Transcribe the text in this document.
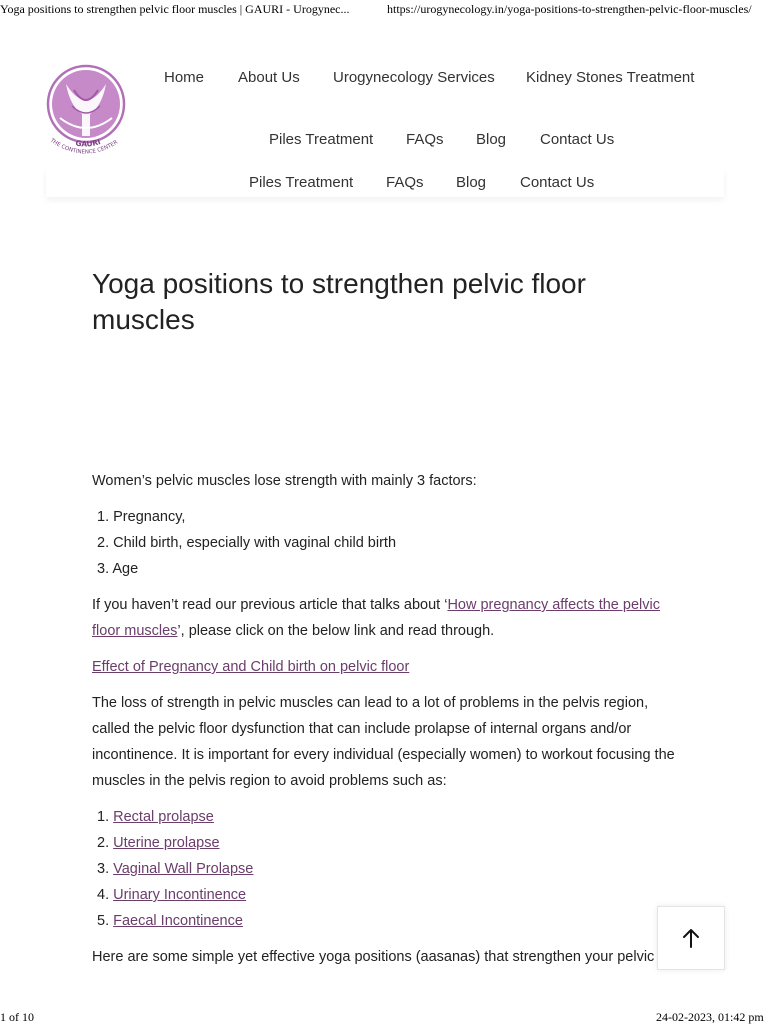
Yoga positions to strengthen pelvic floor muscles | GAURI - Urogynec...	https://urogynecology.in/yoga-positions-to-strengthen-pelvic-floor-muscles/
GAURI
THE CONTINENCE CENTER
Home About Us Urogynecology Services Kidney Stones Treatment
Piles Treatment FAQs Blog Contact Us
Piles Treatment FAQs Blog Contact Us
Yoga positions to strengthen pelvic floor muscles

Women’s pelvic muscles lose strength with mainly 3 factors:

1. Pregnancy,
2. Child birth, especially with vaginal child birth
3. Age

If you haven’t read our previous article that talks about ‘How pregnancy affects the pelvic floor muscles’, please click on the below link and read through.

Effect of Pregnancy and Child birth on pelvic floor

The loss of strength in pelvic muscles can lead to a lot of problems in the pelvis region, called the pelvic floor dysfunction that can include prolapse of internal organs and/or incontinence. It is important for every individual (especially women) to workout focusing the muscles in the pelvis region to avoid problems such as:

1. Rectal prolapse
2. Uterine prolapse
3. Vaginal Wall Prolapse
4. Urinary Incontinence
5. Faecal Incontinence

Here are some simple yet effective yoga positions (aasanas) that strengthen your pelvic

1 of 10	24-02-2023, 01:42 pm
